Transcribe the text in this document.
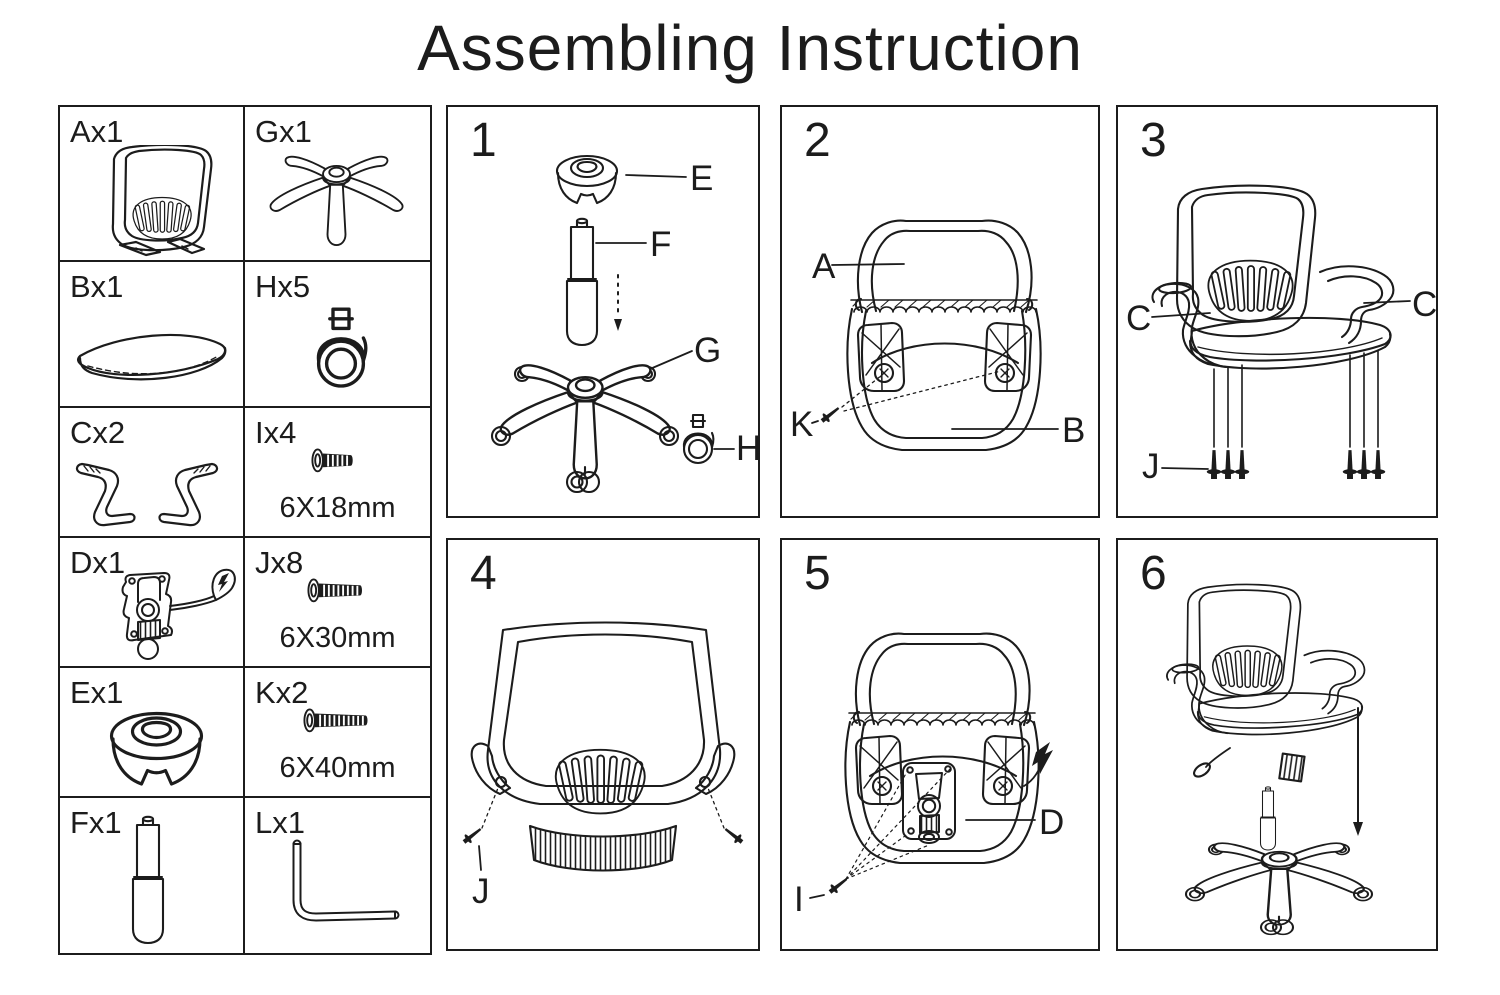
Assembling Instruction
Ax1	Gx1
Bx1	Hx5
Cx2	Ix4
6X18mm
Dx1	Jx8
6X30mm
Ex1	Kx2
6X40mm
Fx1	Lx1
1
E
F
G
H
2
A
K	B
3
C	C
J
4
J
5
D
I
6
